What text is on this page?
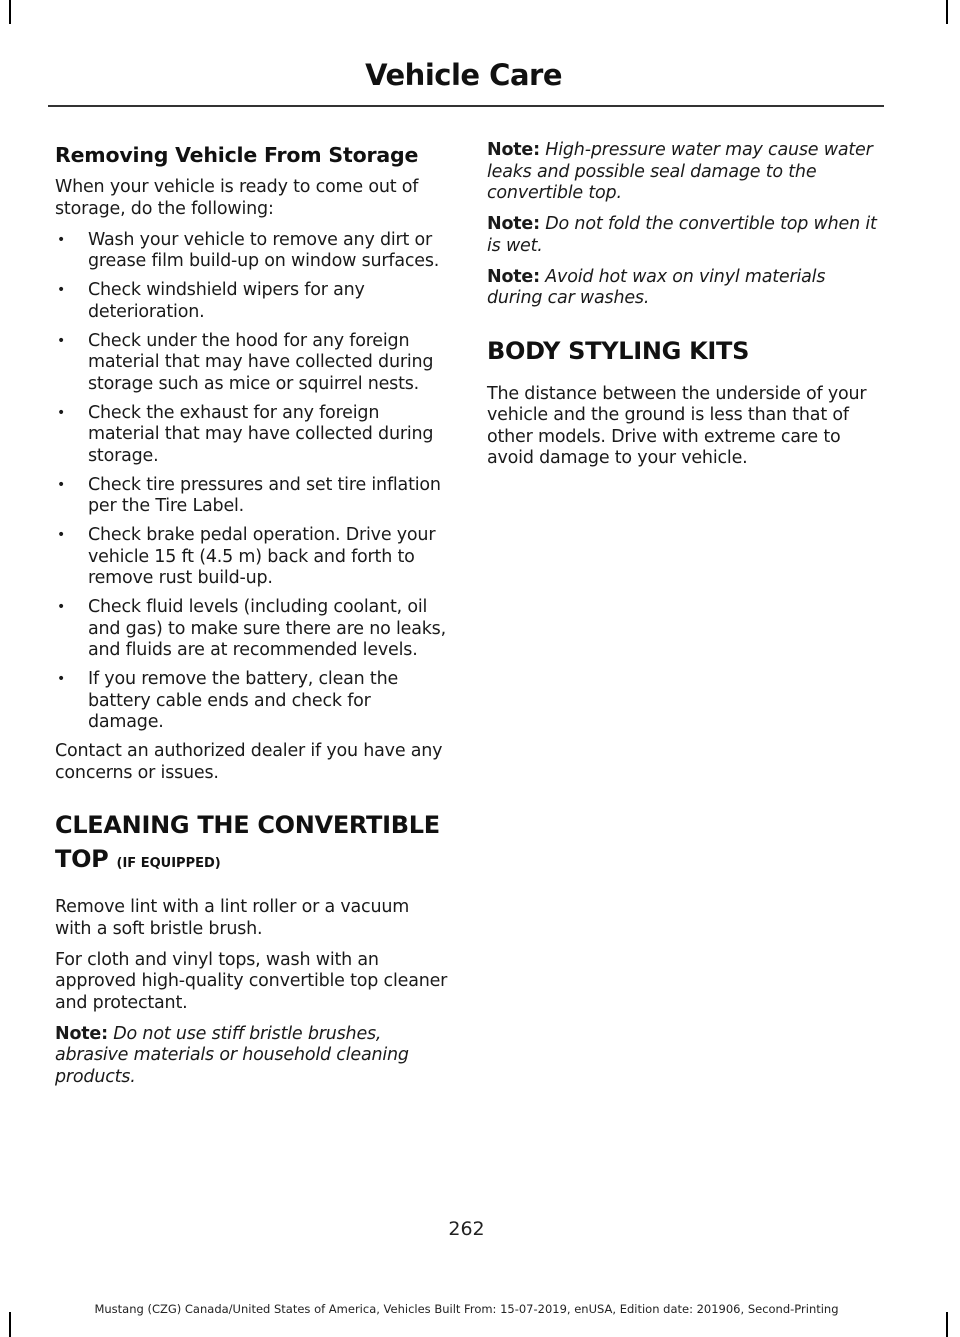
Vehicle Care
Removing Vehicle From Storage

When your vehicle is ready to come out of storage, do the following:

• Wash your vehicle to remove any dirt or grease film build-up on window surfaces.
• Check windshield wipers for any deterioration.
• Check under the hood for any foreign material that may have collected during storage such as mice or squirrel nests.
• Check the exhaust for any foreign material that may have collected during storage.
• Check tire pressures and set tire inflation per the Tire Label.
• Check brake pedal operation. Drive your vehicle 15 ft (4.5 m) back and forth to remove rust build-up.
• Check fluid levels (including coolant, oil and gas) to make sure there are no leaks, and fluids are at recommended levels.
• If you remove the battery, clean the battery cable ends and check for damage.

Contact an authorized dealer if you have any concerns or issues.

CLEANING THE CONVERTIBLE TOP (IF EQUIPPED)

Remove lint with a lint roller or a vacuum with a soft bristle brush.

For cloth and vinyl tops, wash with an approved high-quality convertible top cleaner and protectant.

Note: Do not use stiff bristle brushes, abrasive materials or household cleaning products.

Note: High-pressure water may cause water leaks and possible seal damage to the convertible top.

Note: Do not fold the convertible top when it is wet.

Note: Avoid hot wax on vinyl materials during car washes.

BODY STYLING KITS

The distance between the underside of your vehicle and the ground is less than that of other models. Drive with extreme care to avoid damage to your vehicle.

262
Mustang (CZG) Canada/United States of America, Vehicles Built From: 15-07-2019, enUSA, Edition date: 201906, Second-Printing
